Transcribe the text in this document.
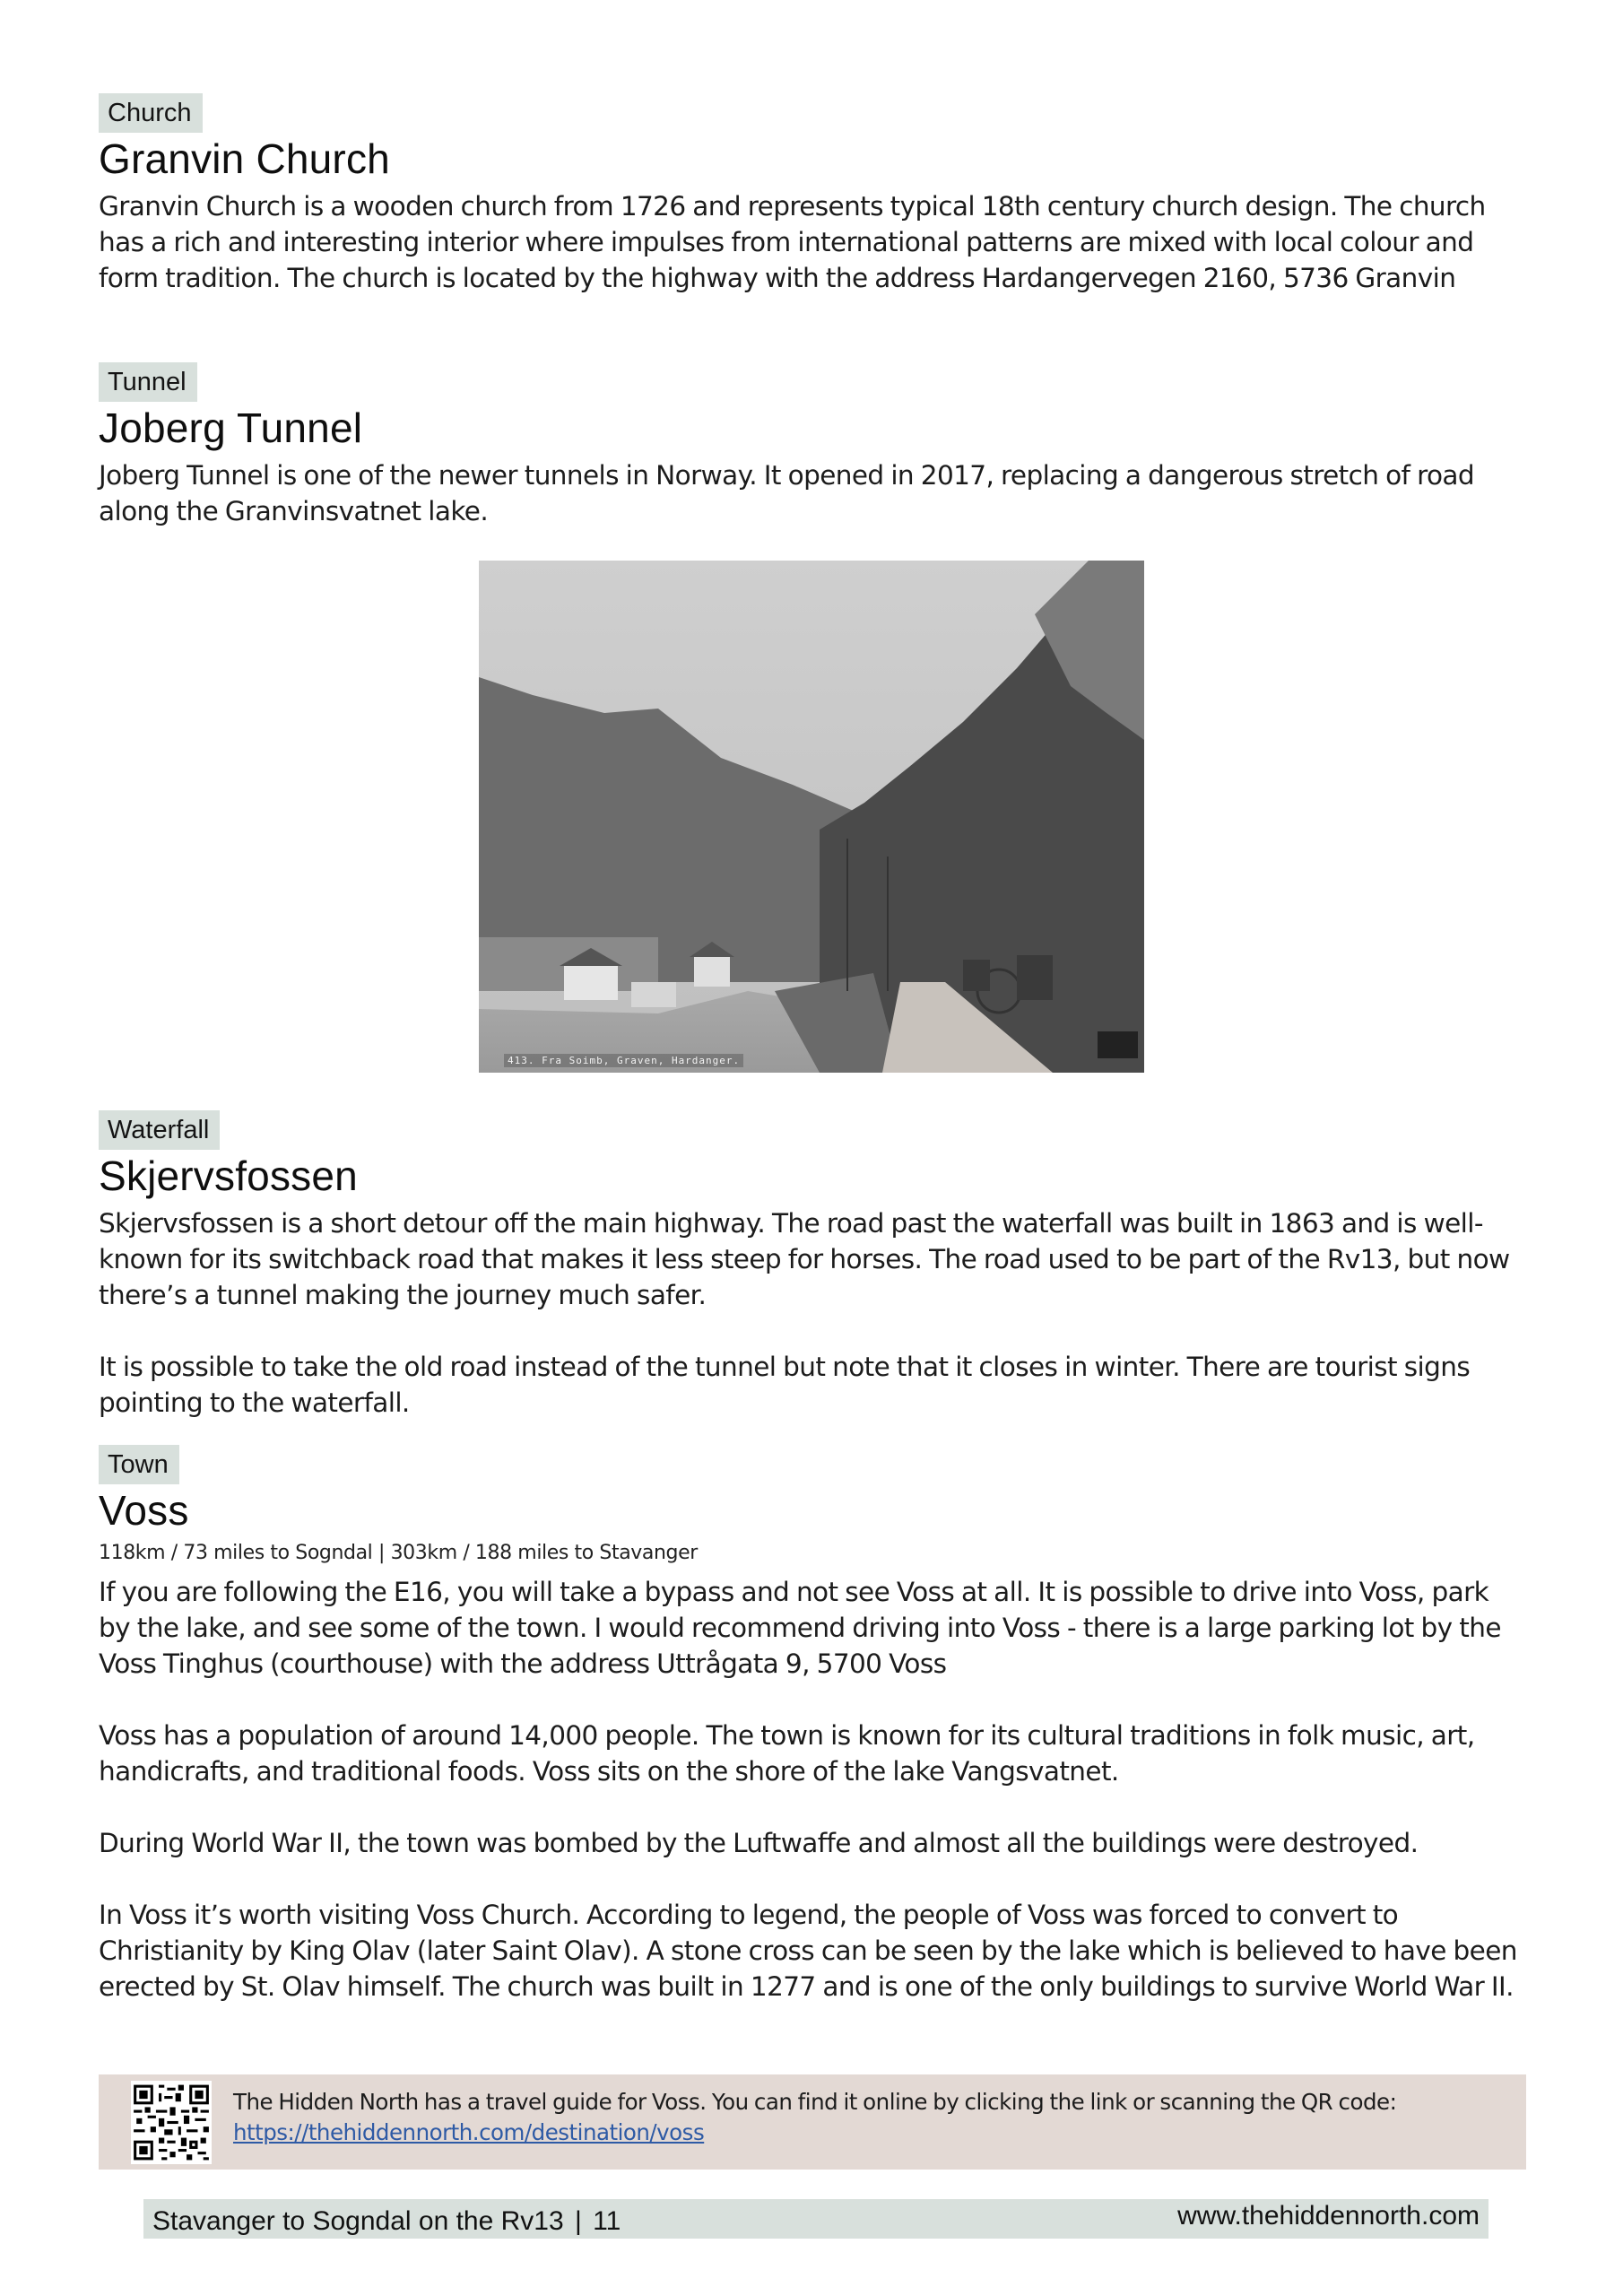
Church
Granvin Church

Granvin Church is a wooden church from 1726 and represents typical 18th century church design. The church has a rich and interesting interior where impulses from international patterns are mixed with local colour and form tradition. The church is located by the highway with the address Hardangervegen 2160, 5736 Granvin

Tunnel
Joberg Tunnel

Joberg Tunnel is one of the newer tunnels in Norway. It opened in 2017, replacing a dangerous stretch of road along the Granvinsvatnet lake.

413. Fra Soimb, Graven, Hardanger.
Waterfall
Skjervsfossen

Skjervsfossen is a short detour off the main highway. The road past the waterfall was built in 1863 and is well-known for its switchback road that makes it less steep for horses. The road used to be part of the Rv13, but now there’s a tunnel making the journey much safer.

It is possible to take the old road instead of the tunnel but note that it closes in winter. There are tourist signs pointing to the waterfall.

Town
Voss
118km / 73 miles to Sogndal | 303km / 188 miles to Stavanger

If you are following the E16, you will take a bypass and not see Voss at all. It is possible to drive into Voss, park by the lake, and see some of the town. I would recommend driving into Voss - there is a large parking lot by the Voss Tinghus (courthouse) with the address Uttrågata 9, 5700 Voss

Voss has a population of around 14,000 people. The town is known for its cultural traditions in folk music, art, handicrafts, and traditional foods. Voss sits on the shore of the lake Vangsvatnet.

During World War II, the town was bombed by the Luftwaffe and almost all the buildings were destroyed.

In Voss it’s worth visiting Voss Church. According to legend, the people of Voss was forced to convert to Christianity by King Olav (later Saint Olav). A stone cross can be seen by the lake which is believed to have been erected by St. Olav himself. The church was built in 1277 and is one of the only buildings to survive World War II.

The Hidden North has a travel guide for Voss. You can find it online by clicking the link or scanning the QR code:
https://thehiddennorth.com/destination/voss
Stavanger to Sogndal on the Rv13 | 11	www.thehiddennorth.com
